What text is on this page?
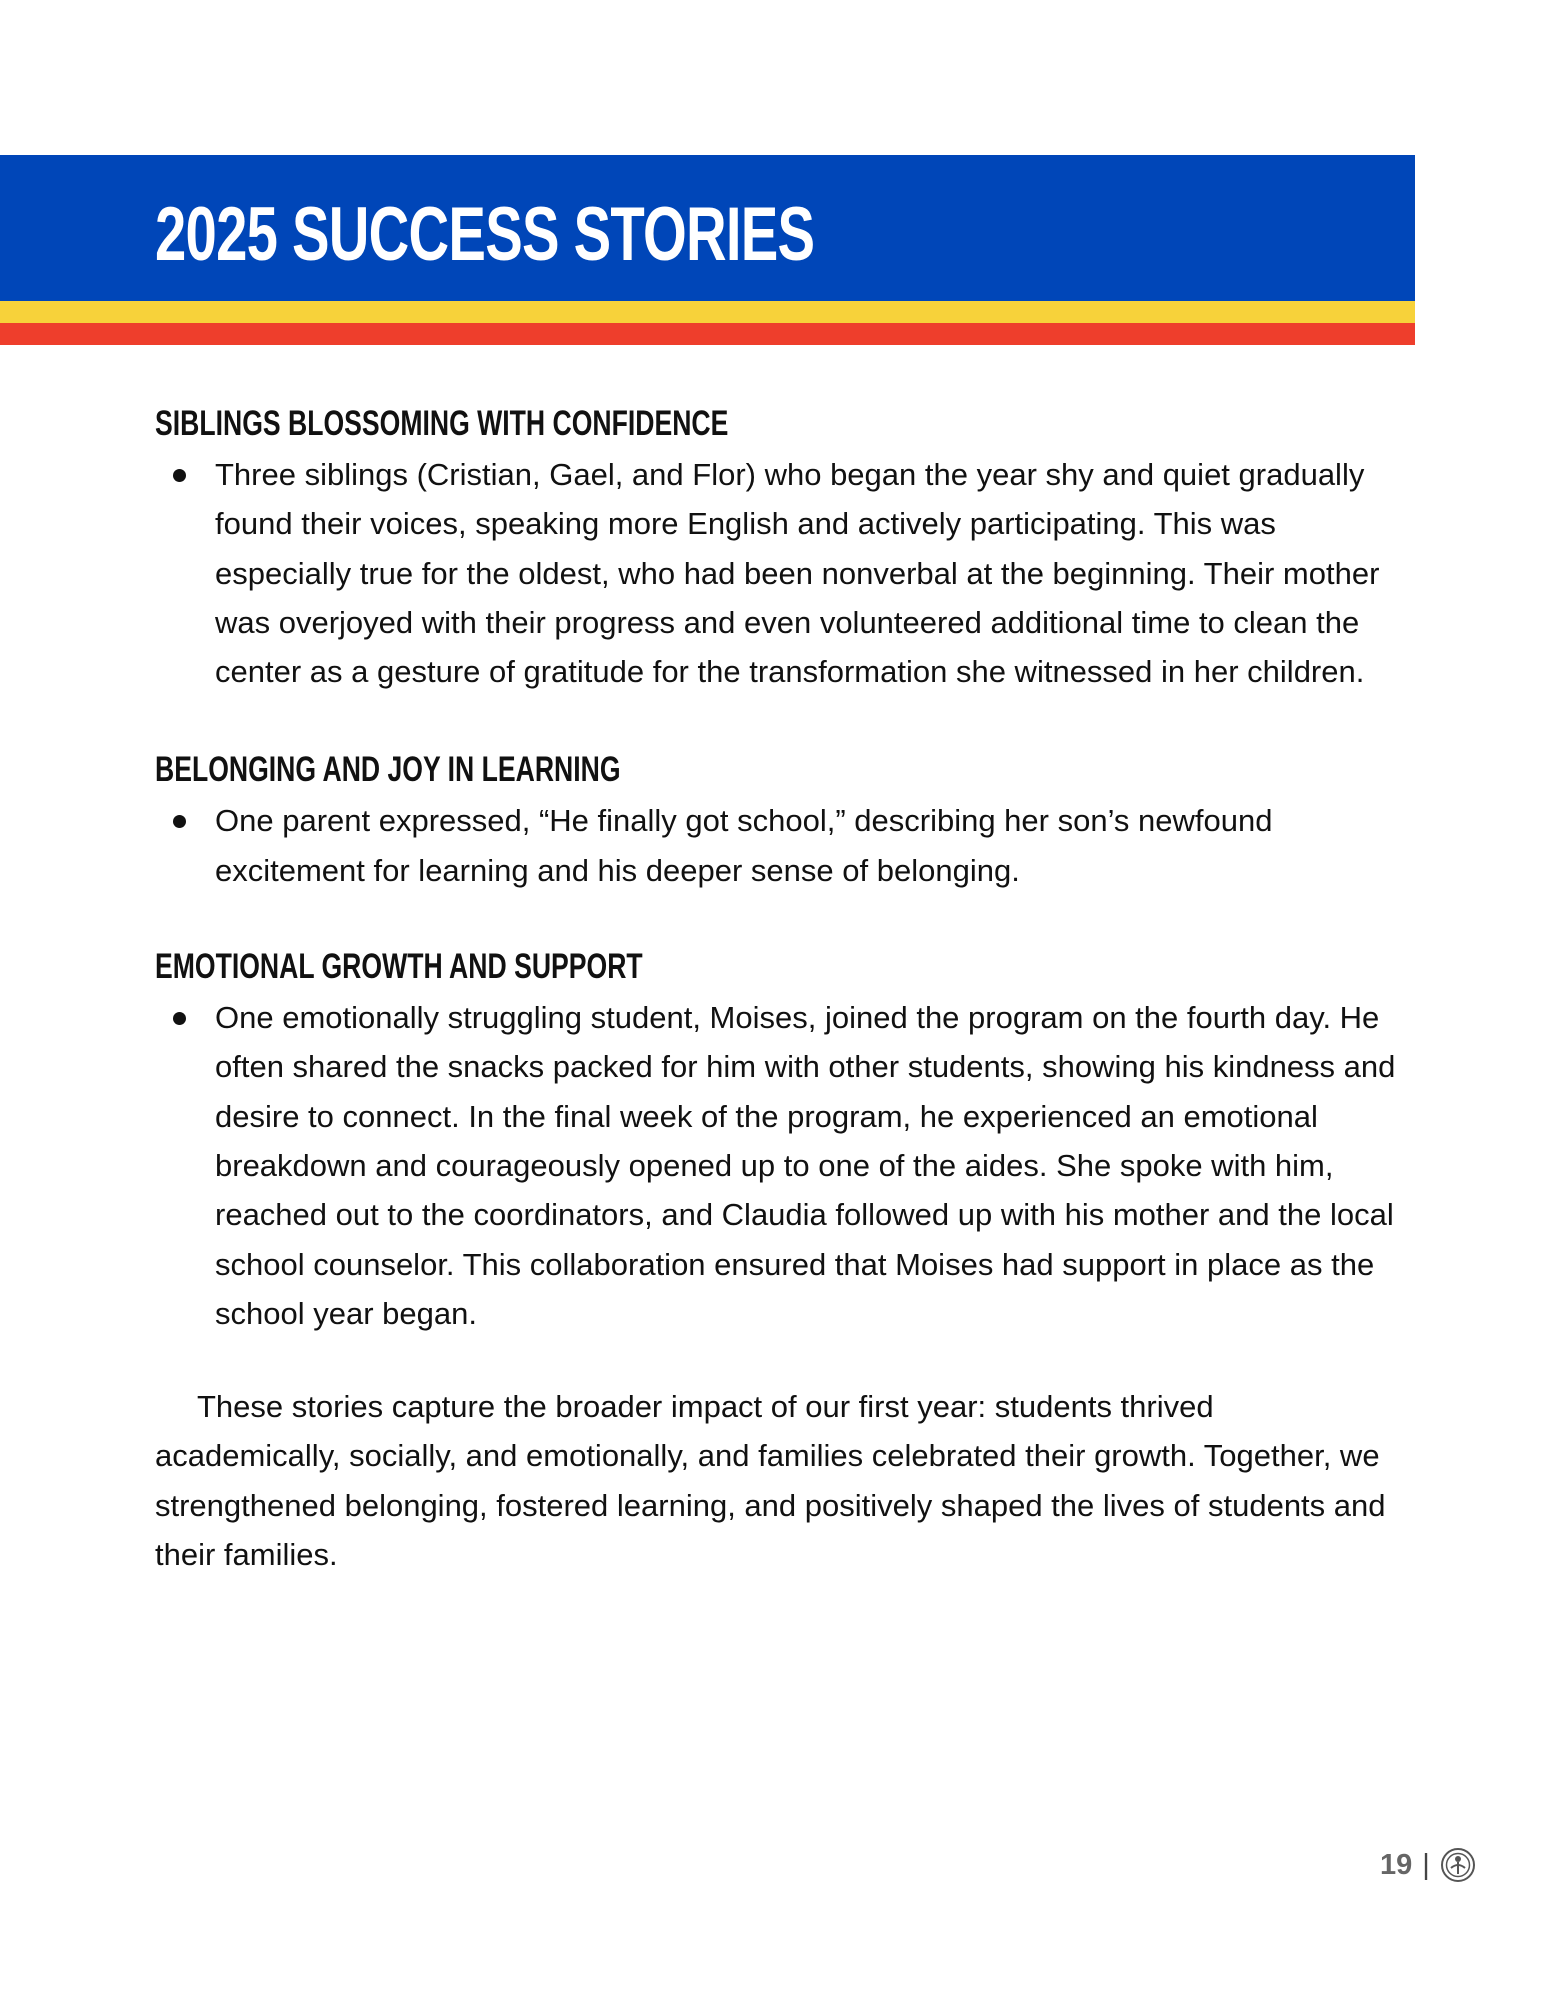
2025 SUCCESS STORIES
SIBLINGS BLOSSOMING WITH CONFIDENCE
Three siblings (Cristian, Gael, and Flor) who began the year shy and quiet gradually found their voices, speaking more English and actively participating. This was especially true for the oldest, who had been nonverbal at the beginning. Their mother was overjoyed with their progress and even volunteered additional time to clean the center as a gesture of gratitude for the transformation she witnessed in her children.
BELONGING AND JOY IN LEARNING
One parent expressed, “He finally got school,” describing her son’s newfound excitement for learning and his deeper sense of belonging.
EMOTIONAL GROWTH AND SUPPORT
One emotionally struggling student, Moises, joined the program on the fourth day. He often shared the snacks packed for him with other students, showing his kindness and desire to connect. In the final week of the program, he experienced an emotional breakdown and courageously opened up to one of the aides. She spoke with him, reached out to the coordinators, and Claudia followed up with his mother and the local school counselor. This collaboration ensured that Moises had support in place as the school year began.

These stories capture the broader impact of our first year: students thrived academically, socially, and emotionally, and families celebrated their growth. Together, we strengthened belonging, fostered learning, and positively shaped the lives of students and their families.

19 |
